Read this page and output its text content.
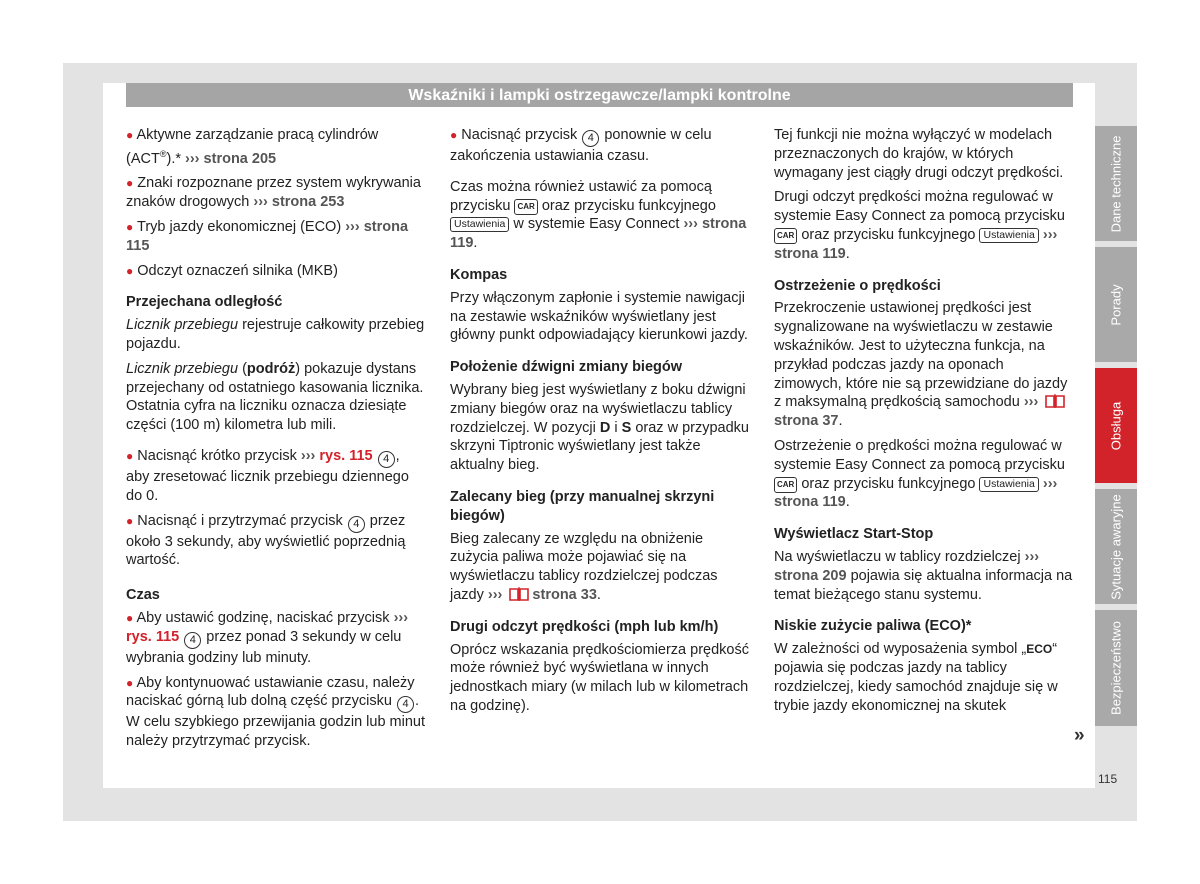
Wskaźniki i lampki ostrzegawcze/lampki kontrolne

● Aktywne zarządzanie pracą cylindrów (ACT®).* ››› strona 205

● Znaki rozpoznane przez system wykrywania znaków drogowych ››› strona 253

● Tryb jazdy ekonomicznej (ECO) ››› strona 115

● Odczyt oznaczeń silnika (MKB)

Przejechana odległość

Licznik przebiegu rejestruje całkowity przebieg pojazdu.

Licznik przebiegu (podróż) pokazuje dystans przejechany od ostatniego kasowania licznika. Ostatnia cyfra na liczniku oznacza dziesiąte części (100 m) kilometra lub mili.

● Nacisnąć krótko przycisk ››› rys. 115 4 , aby zresetować licznik przebiegu dziennego do 0.

● Nacisnąć i przytrzymać przycisk 4 przez około 3 sekundy, aby wyświetlić poprzednią wartość.

Czas

● Aby ustawić godzinę, naciskać przycisk ››› rys. 115 4 przez ponad 3 sekundy w celu wybrania godziny lub minuty.

● Aby kontynuować ustawianie czasu, należy naciskać górną lub dolną część przycisku 4 . W celu szybkiego przewijania godzin lub minut należy przytrzymać przycisk.

● Nacisnąć przycisk 4 ponownie w celu zakończenia ustawiania czasu.

Czas można również ustawić za pomocą przycisku CAR oraz przycisku funkcyjnego Ustawienia w systemie Easy Connect ››› strona 119.

Kompas

Przy włączonym zapłonie i systemie nawigacji na zestawie wskaźników wyświetlany jest główny punkt odpowiadający kierunkowi jazdy.

Położenie dźwigni zmiany biegów

Wybrany bieg jest wyświetlany z boku dźwigni zmiany biegów oraz na wyświetlaczu tablicy rozdzielczej. W pozycji D i S oraz w przypadku skrzyni Tiptronic wyświetlany jest także aktualny bieg.

Zalecany bieg (przy manualnej skrzyni biegów)

Bieg zalecany ze względu na obniżenie zużycia paliwa może pojawiać się na wyświetlaczu tablicy rozdzielczej podczas jazdy ››› strona 33.

Drugi odczyt prędkości (mph lub km/h)

Oprócz wskazania prędkościomierza prędkość może również być wyświetlana w innych jednostkach miary (w milach lub w kilometrach na godzinę).

Tej funkcji nie można wyłączyć w modelach przeznaczonych do krajów, w których wymagany jest ciągły drugi odczyt prędkości.

Drugi odczyt prędkości można regulować w systemie Easy Connect za pomocą przycisku CAR oraz przycisku funkcyjnego Ustawienia ››› strona 119.

Ostrzeżenie o prędkości

Przekroczenie ustawionej prędkości jest sygnalizowane na wyświetlaczu w zestawie wskaźników. Jest to użyteczna funkcja, na przykład podczas jazdy na oponach zimowych, które nie są przewidziane do jazdy z maksymalną prędkością samochodu ››› strona 37.

Ostrzeżenie o prędkości można regulować w systemie Easy Connect za pomocą przycisku CAR oraz przycisku funkcyjnego Ustawienia ››› strona 119.

Wyświetlacz Start-Stop

Na wyświetlaczu w tablicy rozdzielczej ››› strona 209 pojawia się aktualna informacja na temat bieżącego stanu systemu.

Niskie zużycie paliwa (ECO)*

W zależności od wyposażenia symbol „ECO“ pojawia się podczas jazdy na tablicy rozdzielczej, kiedy samochód znajduje się w trybie jazdy ekonomicznej na skutek

»
Dane techniczne
Porady
Obsługa
Sytuacje awaryjne
Bezpieczeństwo
115
